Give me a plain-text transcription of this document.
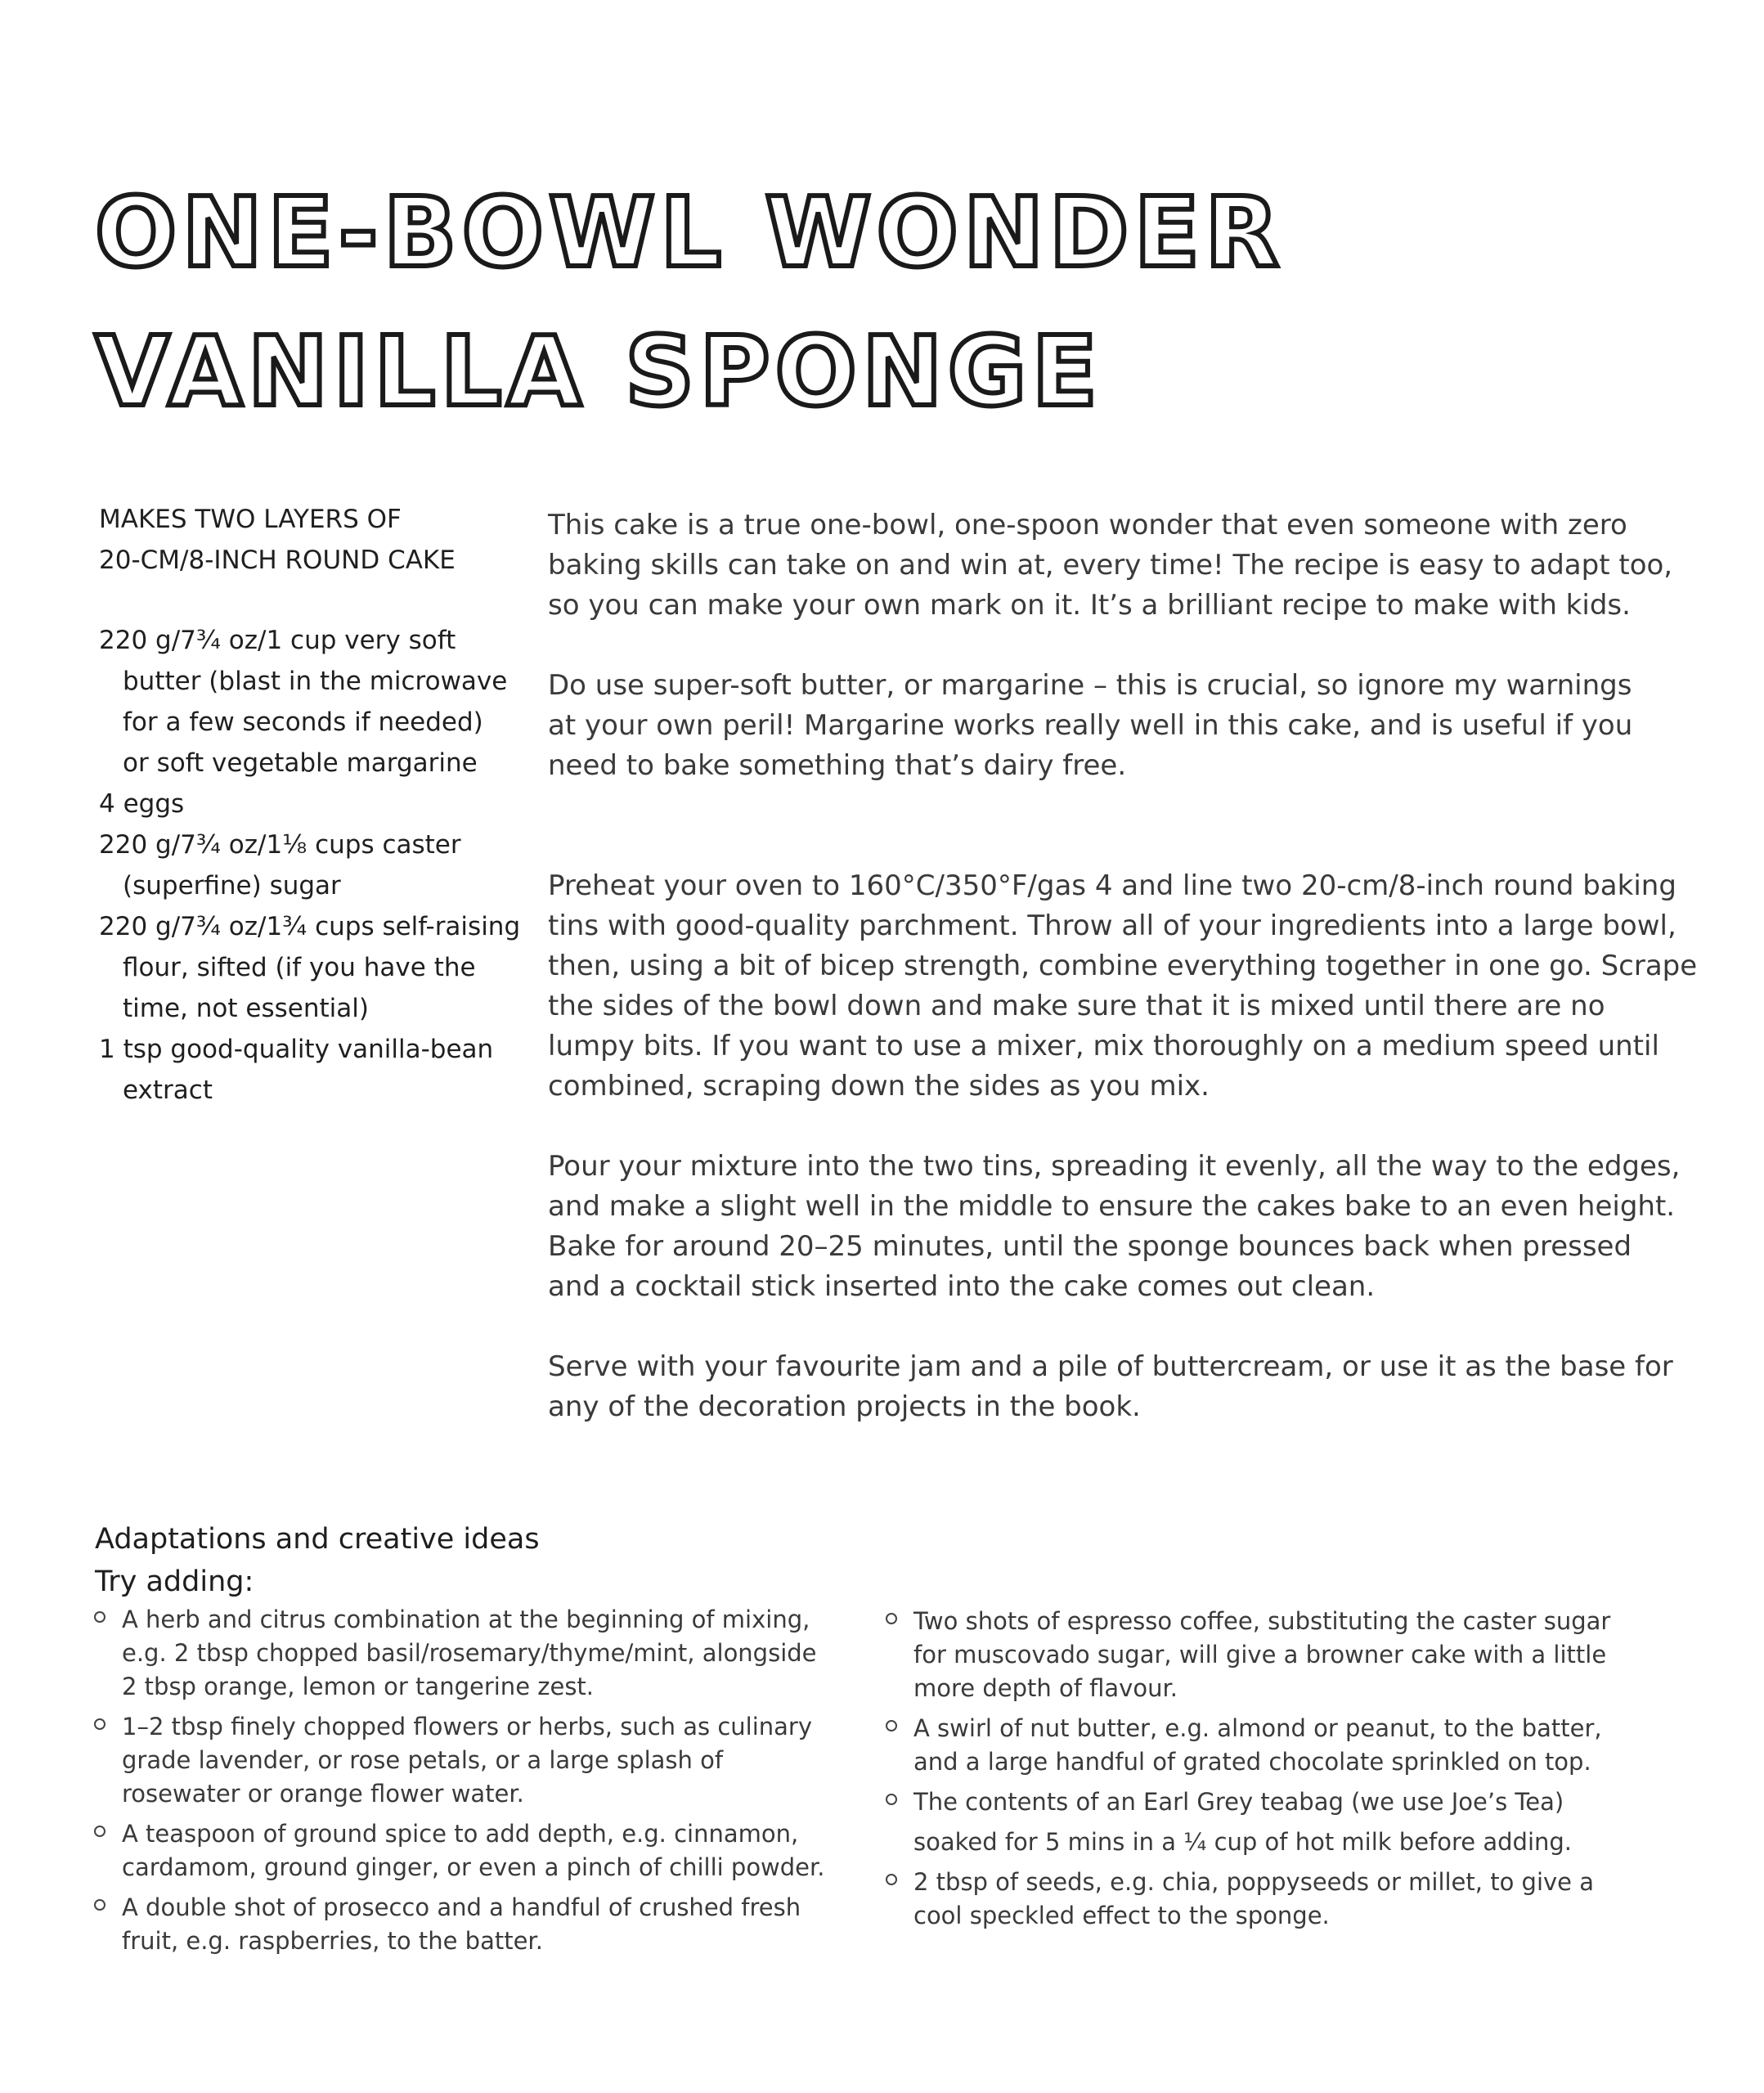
ONE-BOWL WONDER
VANILLA SPONGE
MAKES TWO LAYERS OF
20-CM/8-INCH ROUND CAKE
220 g/7¾ oz/1 cup very soft
butter (blast in the microwave
for a few seconds if needed)
or soft vegetable margarine
4 eggs
220 g/7¾ oz/1⅛ cups caster
(superfine) sugar
220 g/7¾ oz/1¾ cups self-raising
flour, sifted (if you have the
time, not essential)
1 tsp good-quality vanilla-bean
extract

This cake is a true one-bowl, one-spoon wonder that even someone with zero
baking skills can take on and win at, every time! The recipe is easy to adapt too,
so you can make your own mark on it. It’s a brilliant recipe to make with kids.

Do use super-soft butter, or margarine – this is crucial, so ignore my warnings
at your own peril! Margarine works really well in this cake, and is useful if you
need to bake something that’s dairy free.

Preheat your oven to 160°C/350°F/gas 4 and line two 20-cm/8-inch round baking
tins with good-quality parchment. Throw all of your ingredients into a large bowl,
then, using a bit of bicep strength, combine everything together in one go. Scrape
the sides of the bowl down and make sure that it is mixed until there are no
lumpy bits. If you want to use a mixer, mix thoroughly on a medium speed until
combined, scraping down the sides as you mix.

Pour your mixture into the two tins, spreading it evenly, all the way to the edges,
and make a slight well in the middle to ensure the cakes bake to an even height.
Bake for around 20–25 minutes, until the sponge bounces back when pressed
and a cocktail stick inserted into the cake comes out clean.

Serve with your favourite jam and a pile of buttercream, or use it as the base for
any of the decoration projects in the book.

Adaptations and creative ideas
Try adding:
A herb and citrus combination at the beginning of mixing,
e.g. 2 tbsp chopped basil/rosemary/thyme/mint, alongside
2 tbsp orange, lemon or tangerine zest.
1–2 tbsp finely chopped flowers or herbs, such as culinary
grade lavender, or rose petals, or a large splash of
rosewater or orange flower water.
A teaspoon of ground spice to add depth, e.g. cinnamon,
cardamom, ground ginger, or even a pinch of chilli powder.
A double shot of prosecco and a handful of crushed fresh
fruit, e.g. raspberries, to the batter.
Two shots of espresso coffee, substituting the caster sugar
for muscovado sugar, will give a browner cake with a little
more depth of flavour.
A swirl of nut butter, e.g. almond or peanut, to the batter,
and a large handful of grated chocolate sprinkled on top.
The contents of an Earl Grey teabag (we use Joe’s Tea)
soaked for 5 mins in a ¼ cup of hot milk before adding.
2 tbsp of seeds, e.g. chia, poppyseeds or millet, to give a
cool speckled effect to the sponge.
